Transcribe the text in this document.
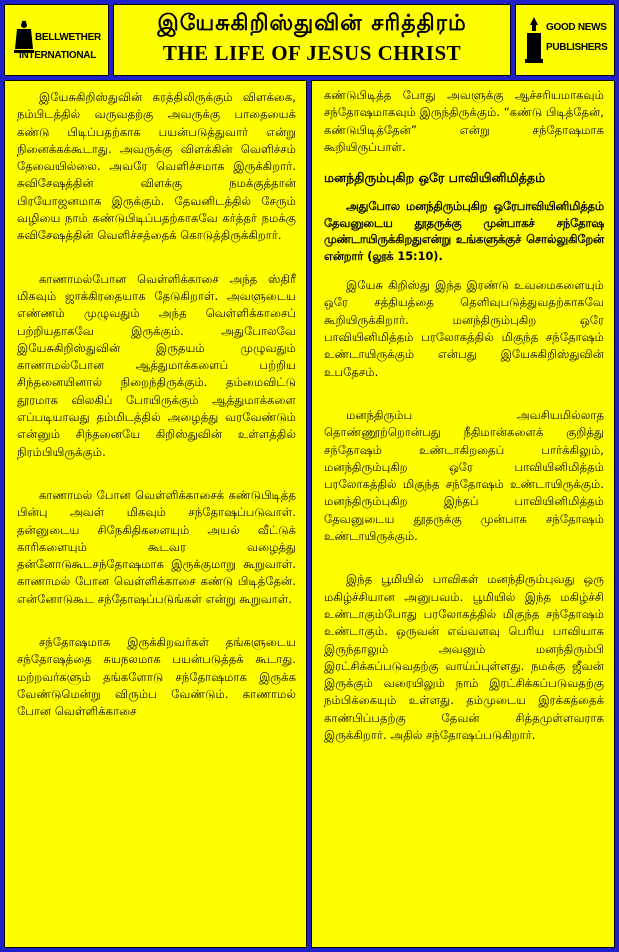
BELLWETHER
INTERNATIONAL
இயேசுகிறிஸ்துவின் சரித்திரம்
THE LIFE OF JESUS CHRIST
GOOD NEWS
PUBLISHERS

இயேசுகிறிஸ்துவின் கரத்திலிருக்கும் விளக்கை, நம்பிடத்தில் வருவதற்கு அவருக்கு பாதையைக் கண்டு பிடிப்பதற்காக பயன்படுத்துவார் என்று நினைக்கக்கூடாது. அவருக்கு விளக்கின் வெளிச்சம் தேவையில்லை. அவரே வெளிச்சமாக இருக்கிறார். சுவிசேஷத்தின் விளக்கு நமக்குத்தான் பிரயோஜனமாக இருக்கும். தேவனிடத்தில் சேரும் வழியை நாம் கண்டுபிடிப்பதற்காகவே கர்த்தர் நமக்கு சுவிசேஷத்தின் வெளிச்சத்தைக் கொடுத்திருக்கிறார்.

காணாமல்போன வெள்ளிக்காசை அந்த ஸ்திரீ மிகவும் ஜாக்கிரதையாக தேடுகிறாள். அவளுடைய எண்ணம் முழுவதும் அந்த வெள்ளிக்காசைப் பற்றியதாகவே இருக்கும். அதுபோலவே இயேசுகிறிஸ்துவின் இருதயம் முழுவதும் காணாமல்போன ஆத்துமாக்களைப் பற்றிய சிந்தனையினால் நிறைந்திருக்கும். தம்மைவிட்டு தூரமாக விலகிப் போயிருக்கும் ஆத்துமாக்களை எப்படியாவது தம்மிடத்தில் அழைத்து வரவேண்டும் என்னும் சிந்தனையே கிறிஸ்துவின் உள்ளத்தில் நிரம்பியிருக்கும்.

காணாமல் போன வெள்ளிக்காசைக் கண்டுபிடித்த பின்பு அவள் மிகவும் சந்தோஷப்படுவாள். தன்னுடைய சிநேகிதிகளையும் அயல் வீட்டுக் காரிகளையும் கூடவர வழைத்து தன்னோடுகூடசந்தோஷமாக இருக்குமாறு கூறுவாள். காணாமல் போன வெள்ளிக்காசை கண்டு பிடித்தேன். என்னோடுகூட சந்தோஷப்படுங்கள் என்று கூறுவாள்.

சந்தோஷமாக இருக்கிறவர்கள் தங்களுடைய சந்தோஷத்தை சுயநலமாக பயன்படுத்தக் கூடாது. மற்றவர்களும் தங்களோடு சந்தோஷமாக இருக்க வேண்டுமென்று விரும்ப வேண்டும். காணாமல் போன வெள்ளிக்காசை

கண்டுபிடித்த போது அவளுக்கு ஆச்சரியமாகவும் சந்தோஷமாகவும் இருந்திருக்கும். “கண்டு பிடித்தேன், கண்டுபிடித்தேன்” என்று சந்தோஷமாக கூறியிருப்பாள்.

மனந்திரும்புகிற ஒரே பாவியினிமித்தம்

அதுபோல மனந்திரும்புகிற ஒரேபாவியினிமித்தம் தேவனுடைய தூதருக்கு முன்பாகச் சந்தோஷ முண்டாயிருக்கிறதுஎன்று உங்களுக்குச் சொல்லுகிறேன் என்றார் (லூக் 15:10).

இயேசு கிறிஸ்து இந்த இரண்டு உவமைகளையும் ஒரே சத்தியத்தை தெளிவுபடுத்துவதற்காகவே கூறியிருக்கிறார். மனந்திரும்புகிற ஒரே பாவியினிமித்தம் பரலோகத்தில் மிகுந்த சந்தோஷம் உண்டாயிருக்கும் என்பது இயேசுகிறிஸ்துவின் உபதேசம்.

மனந்திரும்ப அவசியமில்லாத தொண்ணூற்றொன்பது நீதிமான்களைக் குறித்து சந்தோஷம் உண்டாகிறதைப் பார்க்கிலும், மனந்திரும்புகிற ஒரே பாவியினிமித்தம் பரலோகத்தில் மிகுந்த சந்தோஷம் உண்டாயிருக்கும். மனந்திரும்புகிற இந்தப் பாவியினிமித்தம் தேவனுடைய தூதருக்கு முன்பாக சந்தோஷம் உண்டாயிருக்கும்.

இந்த பூமியில் பாவிகள் மனந்திரும்புவது ஒரு மகிழ்ச்சியான அனுபவம். பூமியில் இந்த மகிழ்ச்சி உண்டாகும்போது பரலோகத்தில் மிகுந்த சந்தோஷம் உண்டாகும். ஒருவன் எவ்வளவு பெரிய பாவியாக இருந்தாலும் அவனும் மனந்திரும்பி இரட்சிக்கப்படுவதற்கு வாய்ப்புள்ளது. நமக்கு ஜீவன் இருக்கும் வரையிலும் நாம் இரட்சிக்கப்படுவதற்கு நம்பிக்கையும் உள்ளது. தம்முடைய இரக்கத்தைக் காண்பிப்பதற்கு தேவன் சித்தமுள்ளவராக இருக்கிறார். அதில் சந்தோஷப்படுகிறார்.
